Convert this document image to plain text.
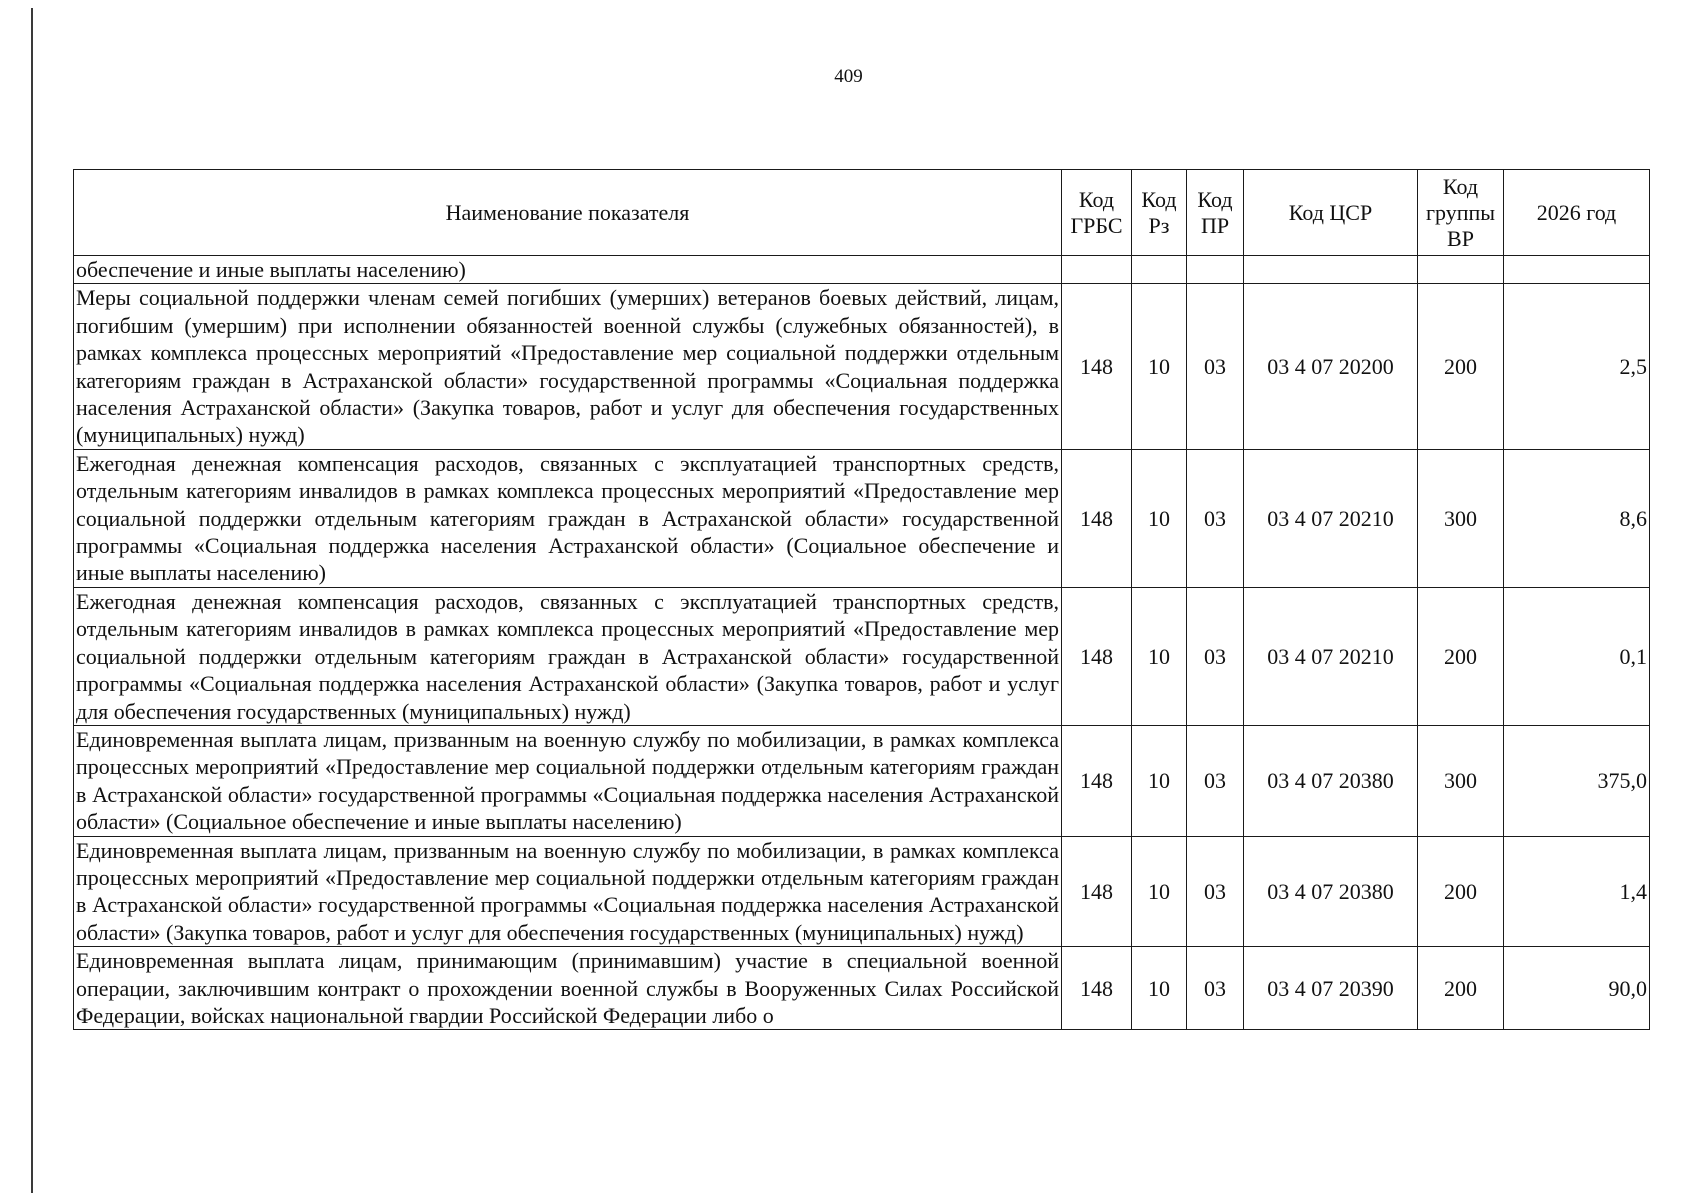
409
Наименование показателя	Код ГРБС	Код Рз	Код ПР	Код ЦСР	Код группы ВР	2026 год
обеспечение и иные выплаты населению)						
Меры социальной поддержки членам семей погибших (умерших) ветеранов боевых действий, лицам, погибшим (умершим) при исполнении обязанностей военной службы (служебных обязанностей), в рамках комплекса процессных мероприятий «Предоставление мер социальной поддержки отдельным категориям граждан в Астраханской области» государственной программы «Социальная поддержка населения Астраханской области» (Закупка товаров, работ и услуг для обеспечения государственных (муниципальных) нужд)	148	10	03	03 4 07 20200	200	2,5
Ежегодная денежная компенсация расходов, связанных с эксплуатацией транспортных средств, отдельным категориям инвалидов в рамках комплекса процессных мероприятий «Предоставление мер социальной поддержки отдельным категориям граждан в Астраханской области» государственной программы «Социальная поддержка населения Астраханской области» (Социальное обеспечение и иные выплаты населению)	148	10	03	03 4 07 20210	300	8,6
Ежегодная денежная компенсация расходов, связанных с эксплуатацией транспортных средств, отдельным категориям инвалидов в рамках комплекса процессных мероприятий «Предоставление мер социальной поддержки отдельным категориям граждан в Астраханской области» государственной программы «Социальная поддержка населения Астраханской области» (Закупка товаров, работ и услуг для обеспечения государственных (муниципальных) нужд)	148	10	03	03 4 07 20210	200	0,1
Единовременная выплата лицам, призванным на военную службу по мобилизации, в рамках комплекса процессных мероприятий «Предоставление мер социальной поддержки отдельным категориям граждан в Астраханской области» государственной программы «Социальная поддержка населения Астраханской области» (Социальное обеспечение и иные выплаты населению)	148	10	03	03 4 07 20380	300	375,0
Единовременная выплата лицам, призванным на военную службу по мобилизации, в рамках комплекса процессных мероприятий «Предоставление мер социальной поддержки отдельным категориям граждан в Астраханской области» государственной программы «Социальная поддержка населения Астраханской области» (Закупка товаров, работ и услуг для обеспечения государственных (муниципальных) нужд)	148	10	03	03 4 07 20380	200	1,4
Единовременная выплата лицам, принимающим (принимавшим) участие в специальной военной операции, заключившим контракт о прохождении военной службы в Вооруженных Силах Российской Федерации, войсках национальной гвардии Российской Федерации либо о	148	10	03	03 4 07 20390	200	90,0
